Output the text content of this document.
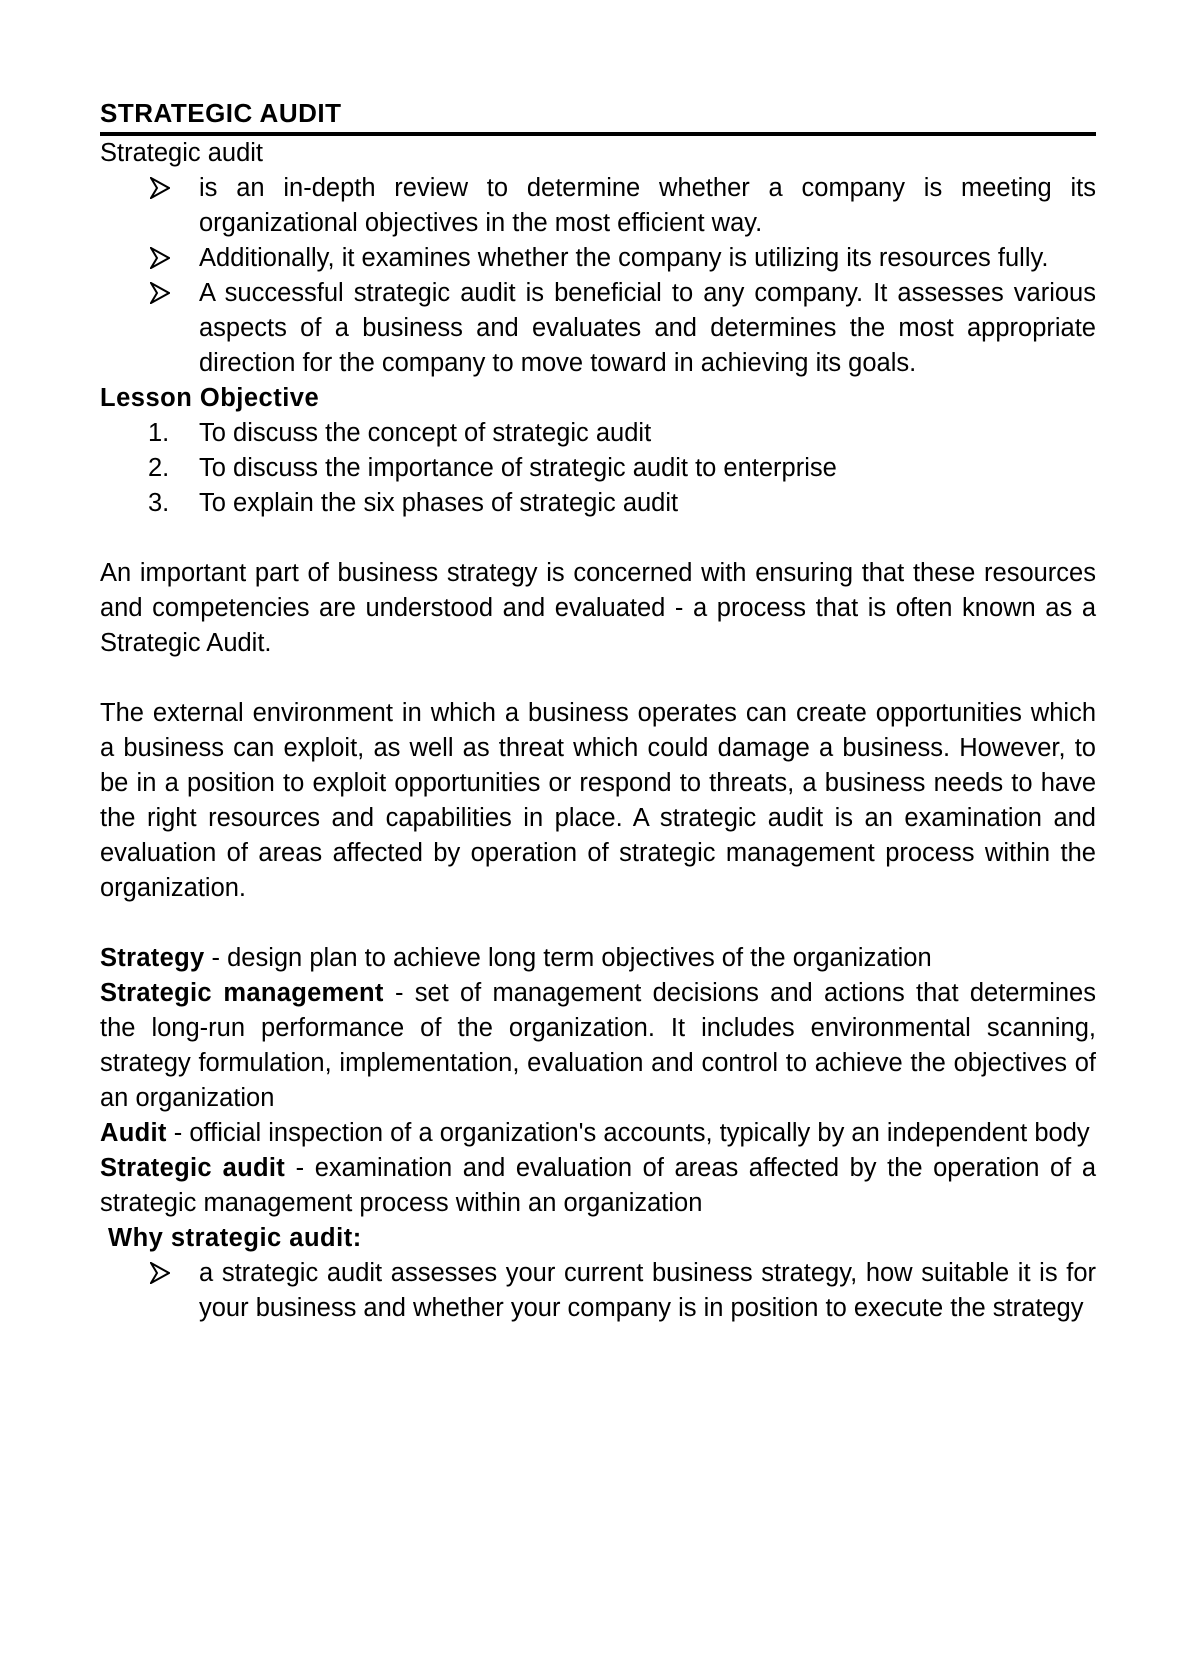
STRATEGIC AUDIT
Strategic audit
is an in-depth review to determine whether a company is meeting its organizational objectives in the most efficient way.
Additionally, it examines whether the company is utilizing its resources fully.
A successful strategic audit is beneficial to any company. It assesses various aspects of a business and evaluates and determines the most appropriate direction for the company to move toward in achieving its goals.
Lesson Objective
1. To discuss the concept of strategic audit
2. To discuss the importance of strategic audit to enterprise
3. To explain the six phases of strategic audit

An important part of business strategy is concerned with ensuring that these resources and competencies are understood and evaluated - a process that is often known as a Strategic Audit.

The external environment in which a business operates can create opportunities which a business can exploit, as well as threat which could damage a business. However, to be in a position to exploit opportunities or respond to threats, a business needs to have the right resources and capabilities in place. A strategic audit is an examination and evaluation of areas affected by operation of strategic management process within the organization.

Strategy - design plan to achieve long term objectives of the organization

Strategic management - set of management decisions and actions that determines the long-run performance of the organization. It includes environmental scanning, strategy formulation, implementation, evaluation and control to achieve the objectives of an organization

Audit - official inspection of a organization's accounts, typically by an independent body

Strategic audit - examination and evaluation of areas affected by the operation of a strategic management process within an organization

Why strategic audit:
a strategic audit assesses your current business strategy, how suitable it is for your business and whether your company is in position to execute the strategy
